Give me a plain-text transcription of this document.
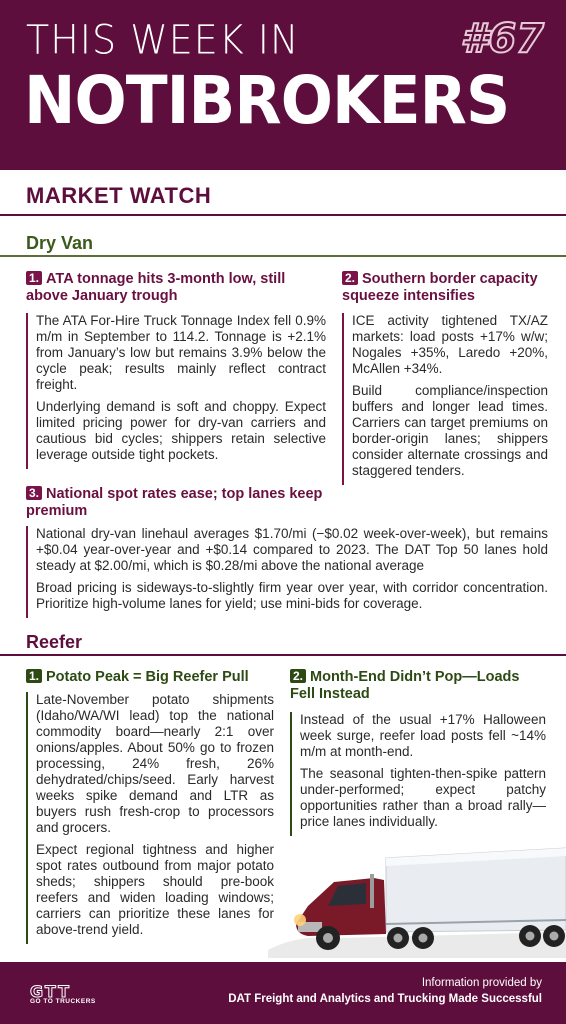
THIS WEEK IN	#67
NOTIBROKERS
MARKET WATCH
Dry Van
1. ATA tonnage hits 3-month low, still above January trough

The ATA For-Hire Truck Tonnage Index fell 0.9% m/m in September to 114.2. Tonnage is +2.1% from January’s low but remains 3.9% below the cycle peak; results mainly reflect contract freight.

Underlying demand is soft and choppy. Expect limited pricing power for dry-van carriers and cautious bid cycles; shippers retain selective leverage outside tight pockets.

2. Southern border capacity squeeze intensifies

ICE activity tightened TX/AZ markets: load posts +17% w/w; Nogales +35%, Laredo +20%, McAllen +34%.

Build compliance/inspection buffers and longer lead times. Carriers can target premiums on border-origin lanes; shippers consider alternate crossings and staggered tenders.

3. National spot rates ease; top lanes keep premium

National dry-van linehaul averages $1.70/mi (−$0.02 week-over-week), but remains +$0.04 year-over-year and +$0.14 compared to 2023. The DAT Top 50 lanes hold steady at $2.00/mi, which is $0.28/mi above the national average

Broad pricing is sideways-to-slightly firm year over year, with corridor concentration. Prioritize high-volume lanes for yield; use mini-bids for coverage.

Reefer
1. Potato Peak = Big Reefer Pull

Late-November potato shipments (Idaho/WA/WI lead) top the national commodity board—nearly 2:1 over onions/apples. About 50% go to frozen processing, 24% fresh, 26% dehydrated/chips/seed. Early harvest weeks spike demand and LTR as buyers rush fresh-crop to processors and grocers.

Expect regional tightness and higher spot rates outbound from major potato sheds; shippers should pre-book reefers and widen loading windows; carriers can prioritize these lanes for above-trend yield.

2. Month-End Didn’t Pop—Loads Fell Instead

Instead of the usual +17% Halloween week surge, reefer load posts fell ~14% m/m at month-end.

The seasonal tighten-then-spike pattern under-performed; expect patchy opportunities rather than a broad rally—price lanes individually.

GTT
GO TO TRUCKERS
Information provided by
DAT Freight and Analytics and Trucking Made Successful
